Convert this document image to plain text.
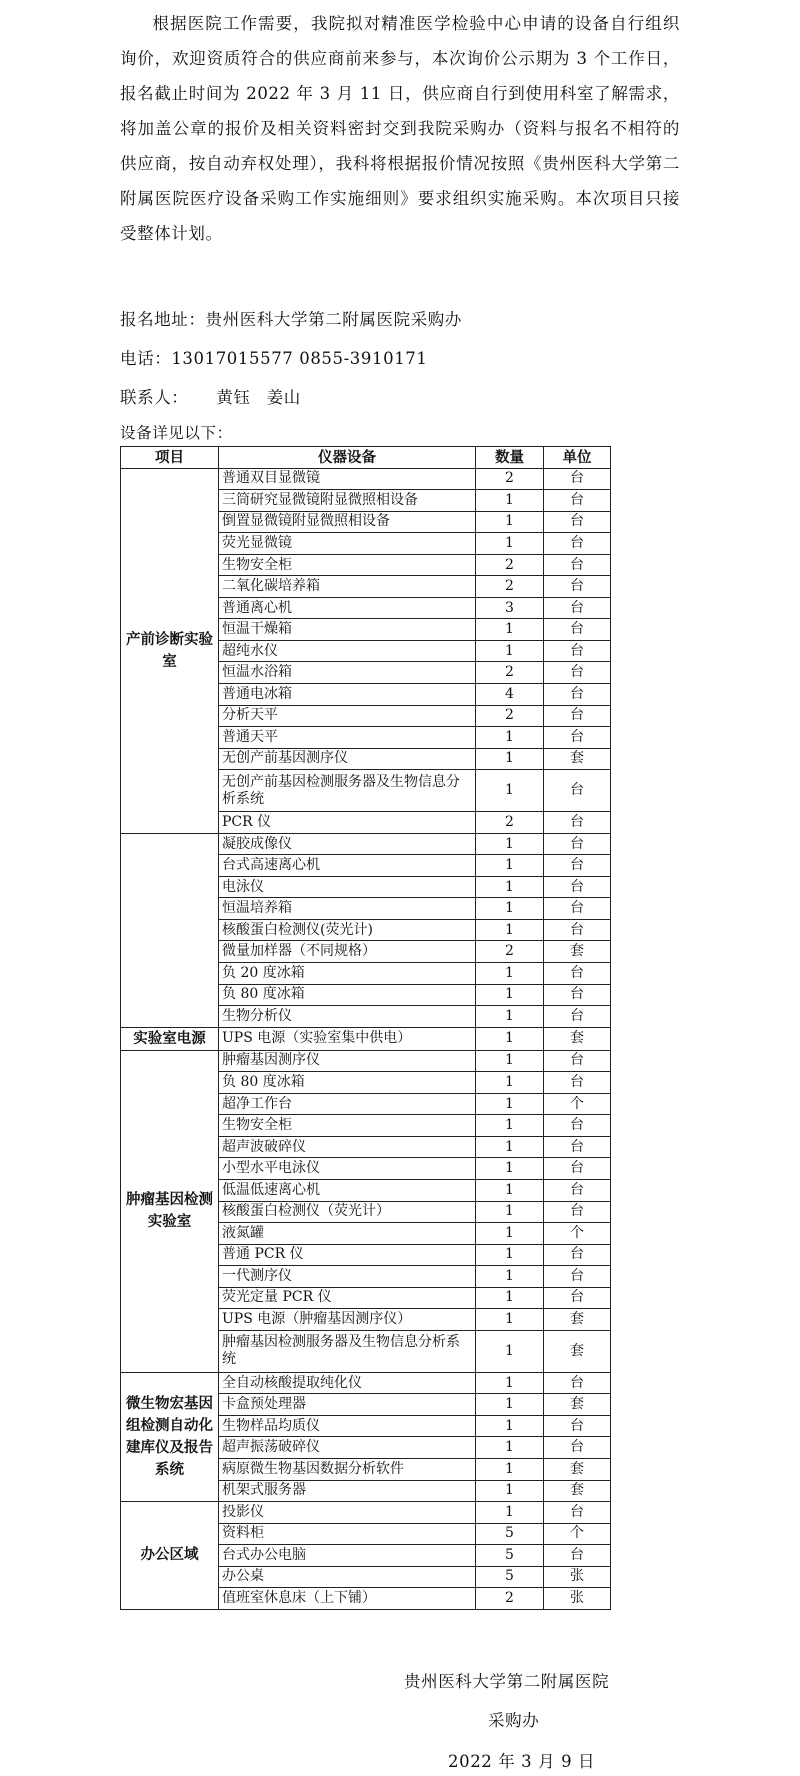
根据医院工作需要，我院拟对精准医学检验中心申请的设备自行组织询价，欢迎资质符合的供应商前来参与，本次询价公示期为 3 个工作日，报名截止时间为 2022 年 3 月 11 日，供应商自行到使用科室了解需求，将加盖公章的报价及相关资料密封交到我院采购办（资料与报名不相符的供应商，按自动弃权处理），我科将根据报价情况按照《贵州医科大学第二附属医院医疗设备采购工作实施细则》要求组织实施采购。本次项目只接受整体计划。

报名地址：贵州医科大学第二附属医院采购办
电话：13017015577 0855-3910171
联系人： 黄钰 姜山
设备详见以下：
项目	仪器设备	数量	单位
产前诊断实验室	普通双目显微镜	2	台
	三筒研究显微镜附显微照相设备	1	台
	倒置显微镜附显微照相设备	1	台
	荧光显微镜	1	台
	生物安全柜	2	台
	二氧化碳培养箱	2	台
	普通离心机	3	台
	恒温干燥箱	1	台
	超纯水仪	1	台
	恒温水浴箱	2	台
	普通电冰箱	4	台
	分析天平	2	台
	普通天平	1	台
	无创产前基因测序仪	1	套
	无创产前基因检测服务器及生物信息分析系统	1	台
	PCR 仪	2	台
	凝胶成像仪	1	台
	台式高速离心机	1	台
	电泳仪	1	台
	恒温培养箱	1	台
	核酸蛋白检测仪(荧光计)	1	台
	微量加样器（不同规格）	2	套
	负 20 度冰箱	1	台
	负 80 度冰箱	1	台
	生物分析仪	1	台
实验室电源	UPS 电源（实验室集中供电）	1	套
肿瘤基因检测实验室	肿瘤基因测序仪	1	台
	负 80 度冰箱	1	台
	超净工作台	1	个
	生物安全柜	1	台
	超声波破碎仪	1	台
	小型水平电泳仪	1	台
	低温低速离心机	1	台
	核酸蛋白检测仪（荧光计）	1	台
	液氮罐	1	个
	普通 PCR 仪	1	台
	一代测序仪	1	台
	荧光定量 PCR 仪	1	台
	UPS 电源（肿瘤基因测序仪）	1	套
	肿瘤基因检测服务器及生物信息分析系统	1	套
微生物宏基因组检测自动化建库仪及报告系统	全自动核酸提取纯化仪	1	台
	卡盒预处理器	1	套
	生物样品均质仪	1	台
	超声振荡破碎仪	1	台
	病原微生物基因数据分析软件	1	套
	机架式服务器	1	套
办公区域	投影仪	1	台
	资料柜	5	个
	台式办公电脑	5	台
	办公桌	5	张
	值班室休息床（上下铺）	2	张
贵州医科大学第二附属医院
采购办
2022 年 3 月 9 日
